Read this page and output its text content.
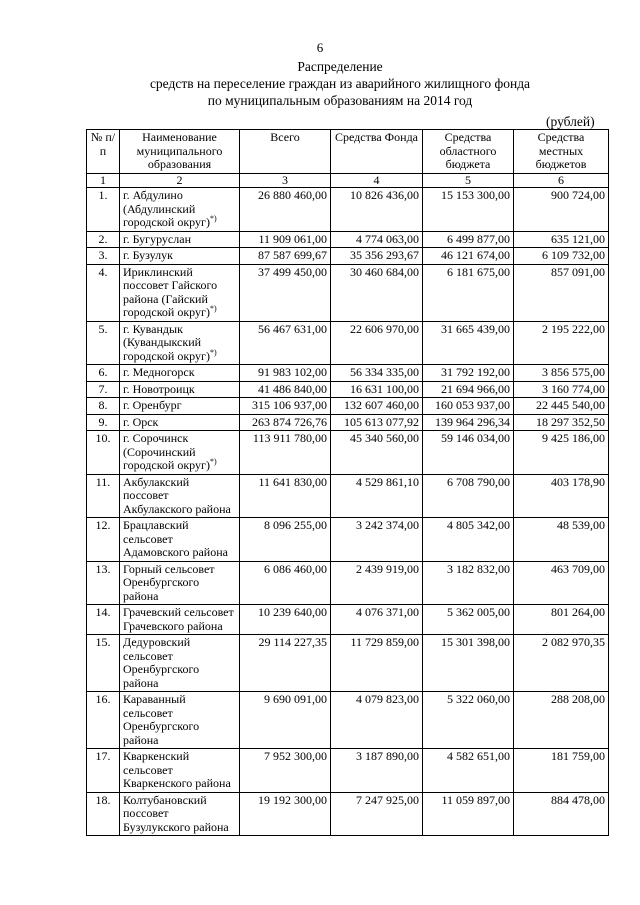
6
Распределение
средств на переселение граждан из аварийного жилищного фонда
по муниципальным образованиям на 2014 год
(рублей)
№ п/п	Наименование муниципального образования	Всего	Средства Фонда	Средства областного бюджета	Средства местных бюджетов
1	2	3	4	5	6
1.	г. Абдулино (Абдулинский городской округ)*)	26 880 460,00	10 826 436,00	15 153 300,00	900 724,00
2.	г. Бугуруслан	11 909 061,00	4 774 063,00	6 499 877,00	635 121,00
3.	г. Бузулук	87 587 699,67	35 356 293,67	46 121 674,00	6 109 732,00
4.	Ириклинский поссовет Гайского района (Гайский городской округ)*)	37 499 450,00	30 460 684,00	6 181 675,00	857 091,00
5.	г. Кувандык (Кувандыкский городской округ)*)	56 467 631,00	22 606 970,00	31 665 439,00	2 195 222,00
6.	г. Медногорск	91 983 102,00	56 334 335,00	31 792 192,00	3 856 575,00
7.	г. Новотроицк	41 486 840,00	16 631 100,00	21 694 966,00	3 160 774,00
8.	г. Оренбург	315 106 937,00	132 607 460,00	160 053 937,00	22 445 540,00
9.	г. Орск	263 874 726,76	105 613 077,92	139 964 296,34	18 297 352,50
10.	г. Сорочинск (Сорочинский городской округ)*)	113 911 780,00	45 340 560,00	59 146 034,00	9 425 186,00
11.	Акбулакский поссовет Акбулакского района	11 641 830,00	4 529 861,10	6 708 790,00	403 178,90
12.	Брацлавский сельсовет Адамовского района	8 096 255,00	3 242 374,00	4 805 342,00	48 539,00
13.	Горный сельсовет Оренбургского района	6 086 460,00	2 439 919,00	3 182 832,00	463 709,00
14.	Грачевский сельсовет Грачевского района	10 239 640,00	4 076 371,00	5 362 005,00	801 264,00
15.	Дедуровский сельсовет Оренбургского района	29 114 227,35	11 729 859,00	15 301 398,00	2 082 970,35
16.	Караванный сельсовет Оренбургского района	9 690 091,00	4 079 823,00	5 322 060,00	288 208,00
17.	Кваркенский сельсовет Кваркенского района	7 952 300,00	3 187 890,00	4 582 651,00	181 759,00
18.	Колтубановский поссовет Бузулукского района	19 192 300,00	7 247 925,00	11 059 897,00	884 478,00
